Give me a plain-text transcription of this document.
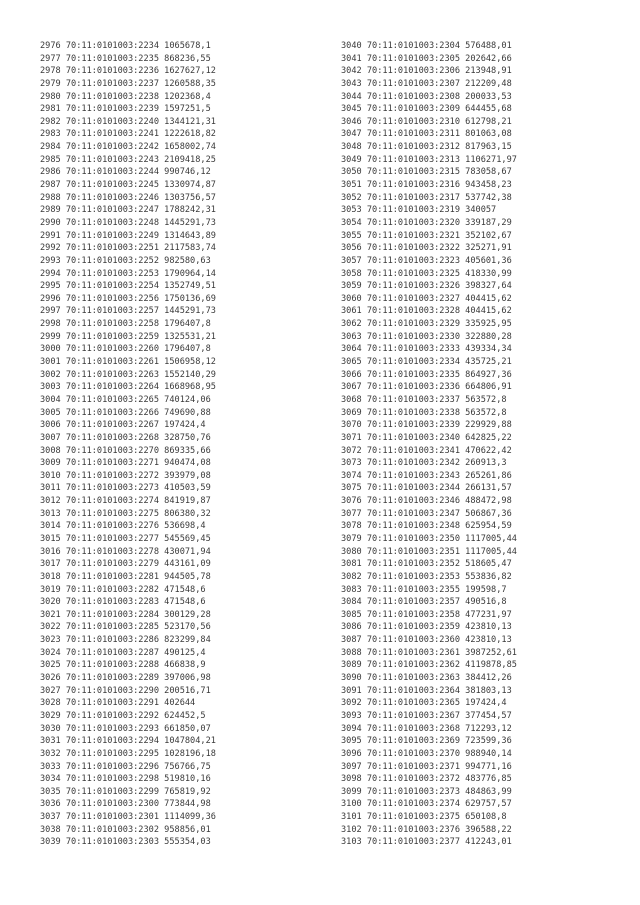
2976 70:11:0101003:2234 1065678,1
2977 70:11:0101003:2235 868236,55
2978 70:11:0101003:2236 1627627,12
2979 70:11:0101003:2237 1260588,35
2980 70:11:0101003:2238 1202368,4
2981 70:11:0101003:2239 1597251,5
2982 70:11:0101003:2240 1344121,31
2983 70:11:0101003:2241 1222618,82
2984 70:11:0101003:2242 1658002,74
2985 70:11:0101003:2243 2109418,25
2986 70:11:0101003:2244 990746,12
2987 70:11:0101003:2245 1330974,87
2988 70:11:0101003:2246 1303756,57
2989 70:11:0101003:2247 1788242,31
2990 70:11:0101003:2248 1445291,73
2991 70:11:0101003:2249 1314643,89
2992 70:11:0101003:2251 2117583,74
2993 70:11:0101003:2252 982580,63
2994 70:11:0101003:2253 1790964,14
2995 70:11:0101003:2254 1352749,51
2996 70:11:0101003:2256 1750136,69
2997 70:11:0101003:2257 1445291,73
2998 70:11:0101003:2258 1796407,8
2999 70:11:0101003:2259 1325531,21
3000 70:11:0101003:2260 1796407,8
3001 70:11:0101003:2261 1506958,12
3002 70:11:0101003:2263 1552140,29
3003 70:11:0101003:2264 1668968,95
3004 70:11:0101003:2265 740124,06
3005 70:11:0101003:2266 749690,88
3006 70:11:0101003:2267 197424,4
3007 70:11:0101003:2268 328750,76
3008 70:11:0101003:2270 869335,66
3009 70:11:0101003:2271 940474,08
3010 70:11:0101003:2272 393979,08
3011 70:11:0101003:2273 410503,59
3012 70:11:0101003:2274 841919,87
3013 70:11:0101003:2275 806380,32
3014 70:11:0101003:2276 536698,4
3015 70:11:0101003:2277 545569,45
3016 70:11:0101003:2278 430071,94
3017 70:11:0101003:2279 443161,09
3018 70:11:0101003:2281 944505,78
3019 70:11:0101003:2282 471548,6
3020 70:11:0101003:2283 471548,6
3021 70:11:0101003:2284 300129,28
3022 70:11:0101003:2285 523170,56
3023 70:11:0101003:2286 823299,84
3024 70:11:0101003:2287 490125,4
3025 70:11:0101003:2288 466838,9
3026 70:11:0101003:2289 397006,98
3027 70:11:0101003:2290 200516,71
3028 70:11:0101003:2291 402644
3029 70:11:0101003:2292 624452,5
3030 70:11:0101003:2293 661850,07
3031 70:11:0101003:2294 1047804,21
3032 70:11:0101003:2295 1028196,18
3033 70:11:0101003:2296 756766,75
3034 70:11:0101003:2298 519810,16
3035 70:11:0101003:2299 765819,92
3036 70:11:0101003:2300 773844,98
3037 70:11:0101003:2301 1114099,36
3038 70:11:0101003:2302 958856,01
3039 70:11:0101003:2303 555354,03
3040 70:11:0101003:2304 576488,01
3041 70:11:0101003:2305 202642,66
3042 70:11:0101003:2306 213948,91
3043 70:11:0101003:2307 212209,48
3044 70:11:0101003:2308 200033,53
3045 70:11:0101003:2309 644455,68
3046 70:11:0101003:2310 612798,21
3047 70:11:0101003:2311 801063,08
3048 70:11:0101003:2312 817963,15
3049 70:11:0101003:2313 1106271,97
3050 70:11:0101003:2315 783058,67
3051 70:11:0101003:2316 943458,23
3052 70:11:0101003:2317 537742,38
3053 70:11:0101003:2319 340057
3054 70:11:0101003:2320 339187,29
3055 70:11:0101003:2321 352102,67
3056 70:11:0101003:2322 325271,91
3057 70:11:0101003:2323 405601,36
3058 70:11:0101003:2325 418330,99
3059 70:11:0101003:2326 398327,64
3060 70:11:0101003:2327 404415,62
3061 70:11:0101003:2328 404415,62
3062 70:11:0101003:2329 335925,95
3063 70:11:0101003:2330 322880,28
3064 70:11:0101003:2333 439334,34
3065 70:11:0101003:2334 435725,21
3066 70:11:0101003:2335 864927,36
3067 70:11:0101003:2336 664806,91
3068 70:11:0101003:2337 563572,8
3069 70:11:0101003:2338 563572,8
3070 70:11:0101003:2339 229929,88
3071 70:11:0101003:2340 642825,22
3072 70:11:0101003:2341 470622,42
3073 70:11:0101003:2342 260913,3
3074 70:11:0101003:2343 265261,86
3075 70:11:0101003:2344 266131,57
3076 70:11:0101003:2346 488472,98
3077 70:11:0101003:2347 506867,36
3078 70:11:0101003:2348 625954,59
3079 70:11:0101003:2350 1117005,44
3080 70:11:0101003:2351 1117005,44
3081 70:11:0101003:2352 518605,47
3082 70:11:0101003:2353 553836,82
3083 70:11:0101003:2355 199598,7
3084 70:11:0101003:2357 490516,8
3085 70:11:0101003:2358 477231,97
3086 70:11:0101003:2359 423810,13
3087 70:11:0101003:2360 423810,13
3088 70:11:0101003:2361 3987252,61
3089 70:11:0101003:2362 4119878,85
3090 70:11:0101003:2363 384412,26
3091 70:11:0101003:2364 381803,13
3092 70:11:0101003:2365 197424,4
3093 70:11:0101003:2367 377454,57
3094 70:11:0101003:2368 712293,12
3095 70:11:0101003:2369 723599,36
3096 70:11:0101003:2370 988940,14
3097 70:11:0101003:2371 994771,16
3098 70:11:0101003:2372 483776,85
3099 70:11:0101003:2373 484863,99
3100 70:11:0101003:2374 629757,57
3101 70:11:0101003:2375 650108,8
3102 70:11:0101003:2376 396588,22
3103 70:11:0101003:2377 412243,01
